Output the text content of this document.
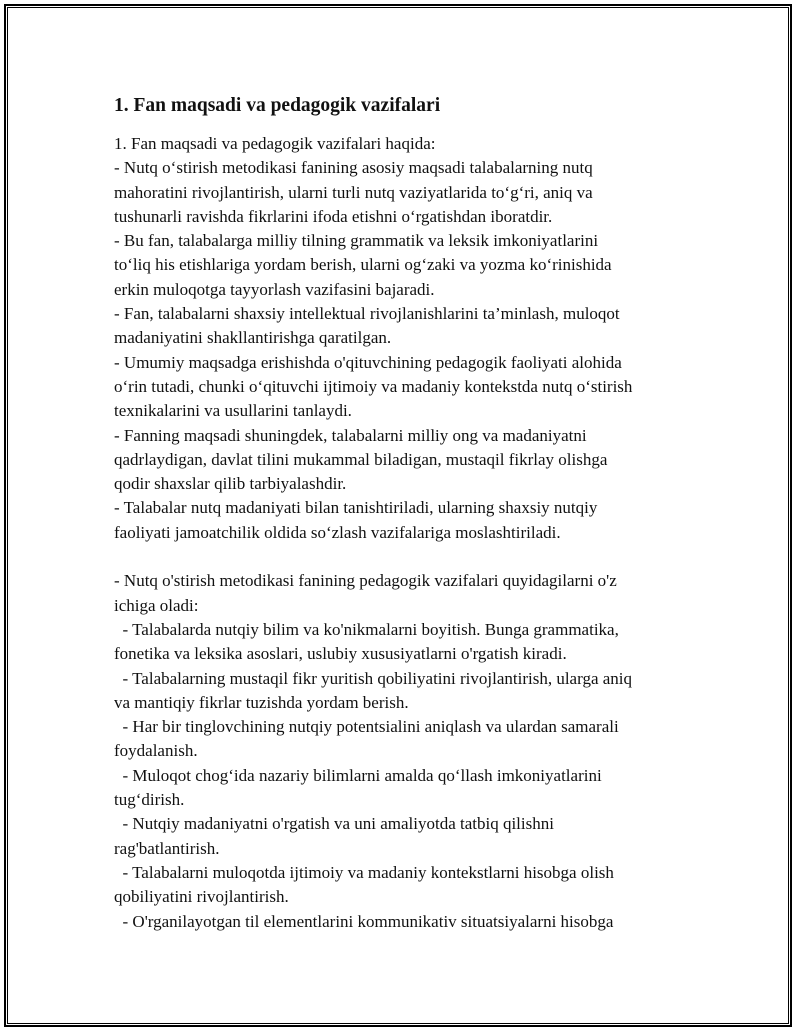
1. Fan maqsadi va pedagogik vazifalari
1. Fan maqsadi va pedagogik vazifalari haqida:
- Nutq o‘stirish metodikasi fanining asosiy maqsadi talabalarning nutq
mahoratini rivojlantirish, ularni turli nutq vaziyatlarida to‘g‘ri, aniq va
tushunarli ravishda fikrlarini ifoda etishni o‘rgatishdan iboratdir.
- Bu fan, talabalarga milliy tilning grammatik va leksik imkoniyatlarini
to‘liq his etishlariga yordam berish, ularni og‘zaki va yozma ko‘rinishida
erkin muloqotga tayyorlash vazifasini bajaradi.
- Fan, talabalarni shaxsiy intellektual rivojlanishlarini ta’minlash, muloqot
madaniyatini shakllantirishga qaratilgan.
- Umumiy maqsadga erishishda o'qituvchining pedagogik faoliyati alohida
o‘rin tutadi, chunki o‘qituvchi ijtimoiy va madaniy kontekstda nutq o‘stirish
texnikalarini va usullarini tanlaydi.
- Fanning maqsadi shuningdek, talabalarni milliy ong va madaniyatni
qadrlaydigan, davlat tilini mukammal biladigan, mustaqil fikrlay olishga
qodir shaxslar qilib tarbiyalashdir.
- Talabalar nutq madaniyati bilan tanishtiriladi, ularning shaxsiy nutqiy
faoliyati jamoatchilik oldida so‘zlash vazifalariga moslashtiriladi.
- Nutq o'stirish metodikasi fanining pedagogik vazifalari quyidagilarni o'z
ichiga oladi:
- Talabalarda nutqiy bilim va ko'nikmalarni boyitish. Bunga grammatika,
fonetika va leksika asoslari, uslubiy xususiyatlarni o'rgatish kiradi.
- Talabalarning mustaqil fikr yuritish qobiliyatini rivojlantirish, ularga aniq
va mantiqiy fikrlar tuzishda yordam berish.
- Har bir tinglovchining nutqiy potentsialini aniqlash va ulardan samarali
foydalanish.
- Muloqot chog‘ida nazariy bilimlarni amalda qo‘llash imkoniyatlarini
tug‘dirish.
- Nutqiy madaniyatni o'rgatish va uni amaliyotda tatbiq qilishni
rag'batlantirish.
- Talabalarni muloqotda ijtimoiy va madaniy kontekstlarni hisobga olish
qobiliyatini rivojlantirish.
- O'rganilayotgan til elementlarini kommunikativ situatsiyalarni hisobga
